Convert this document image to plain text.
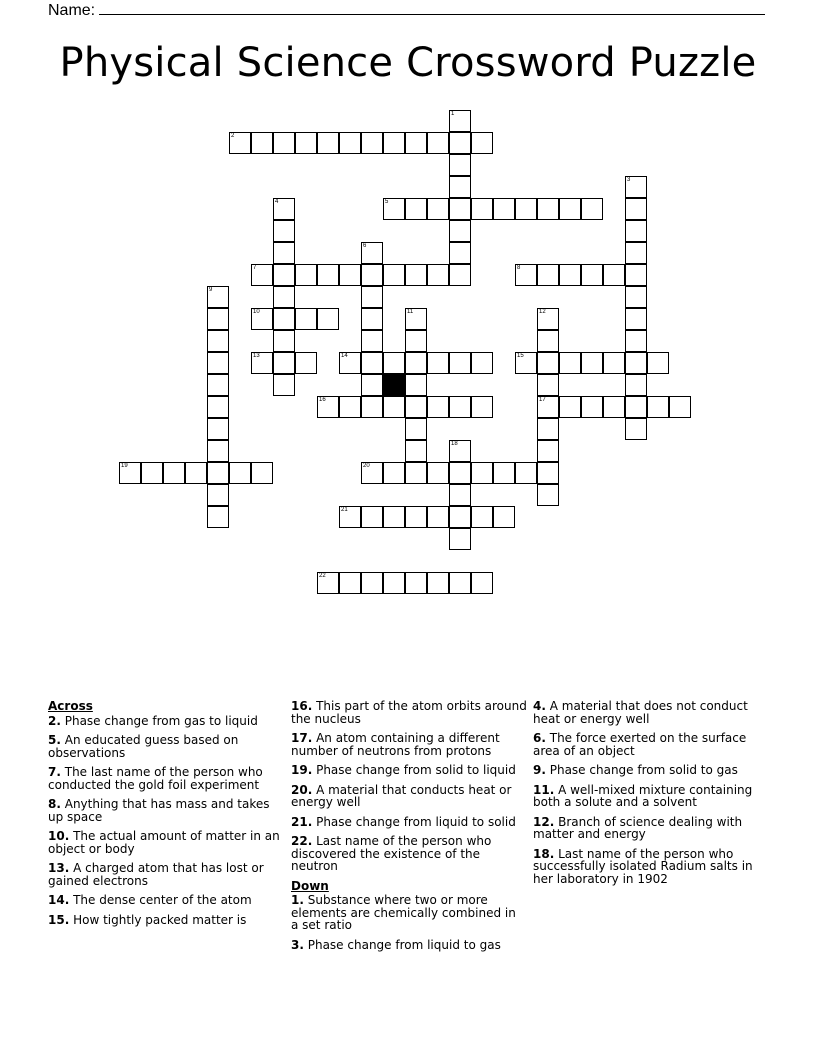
Name:
Physical Science Crossword Puzzle
1
2
3
4	5
6
7	8
9
10	11	12
17
13	14	15
16
18
19	20
21
22
Across
2. Phase change from gas to liquid
5. An educated guess based on observations
7. The last name of the person who conducted the gold foil experiment
8. Anything that has mass and takes up space
10. The actual amount of matter in an object or body
13. A charged atom that has lost or gained electrons
14. The dense center of the atom
15. How tightly packed matter is
16. This part of the atom orbits around the nucleus
17. An atom containing a different number of neutrons from protons
19. Phase change from solid to liquid
20. A material that conducts heat or energy well
21. Phase change from liquid to solid
22. Last name of the person who discovered the existence of the neutron
Down
1. Substance where two or more elements are chemically combined in a set ratio
3. Phase change from liquid to gas
4. A material that does not conduct heat or energy well
6. The force exerted on the surface area of an object
9. Phase change from solid to gas
11. A well-mixed mixture containing both a solute and a solvent
12. Branch of science dealing with matter and energy
18. Last name of the person who successfully isolated Radium salts in her laboratory in 1902
